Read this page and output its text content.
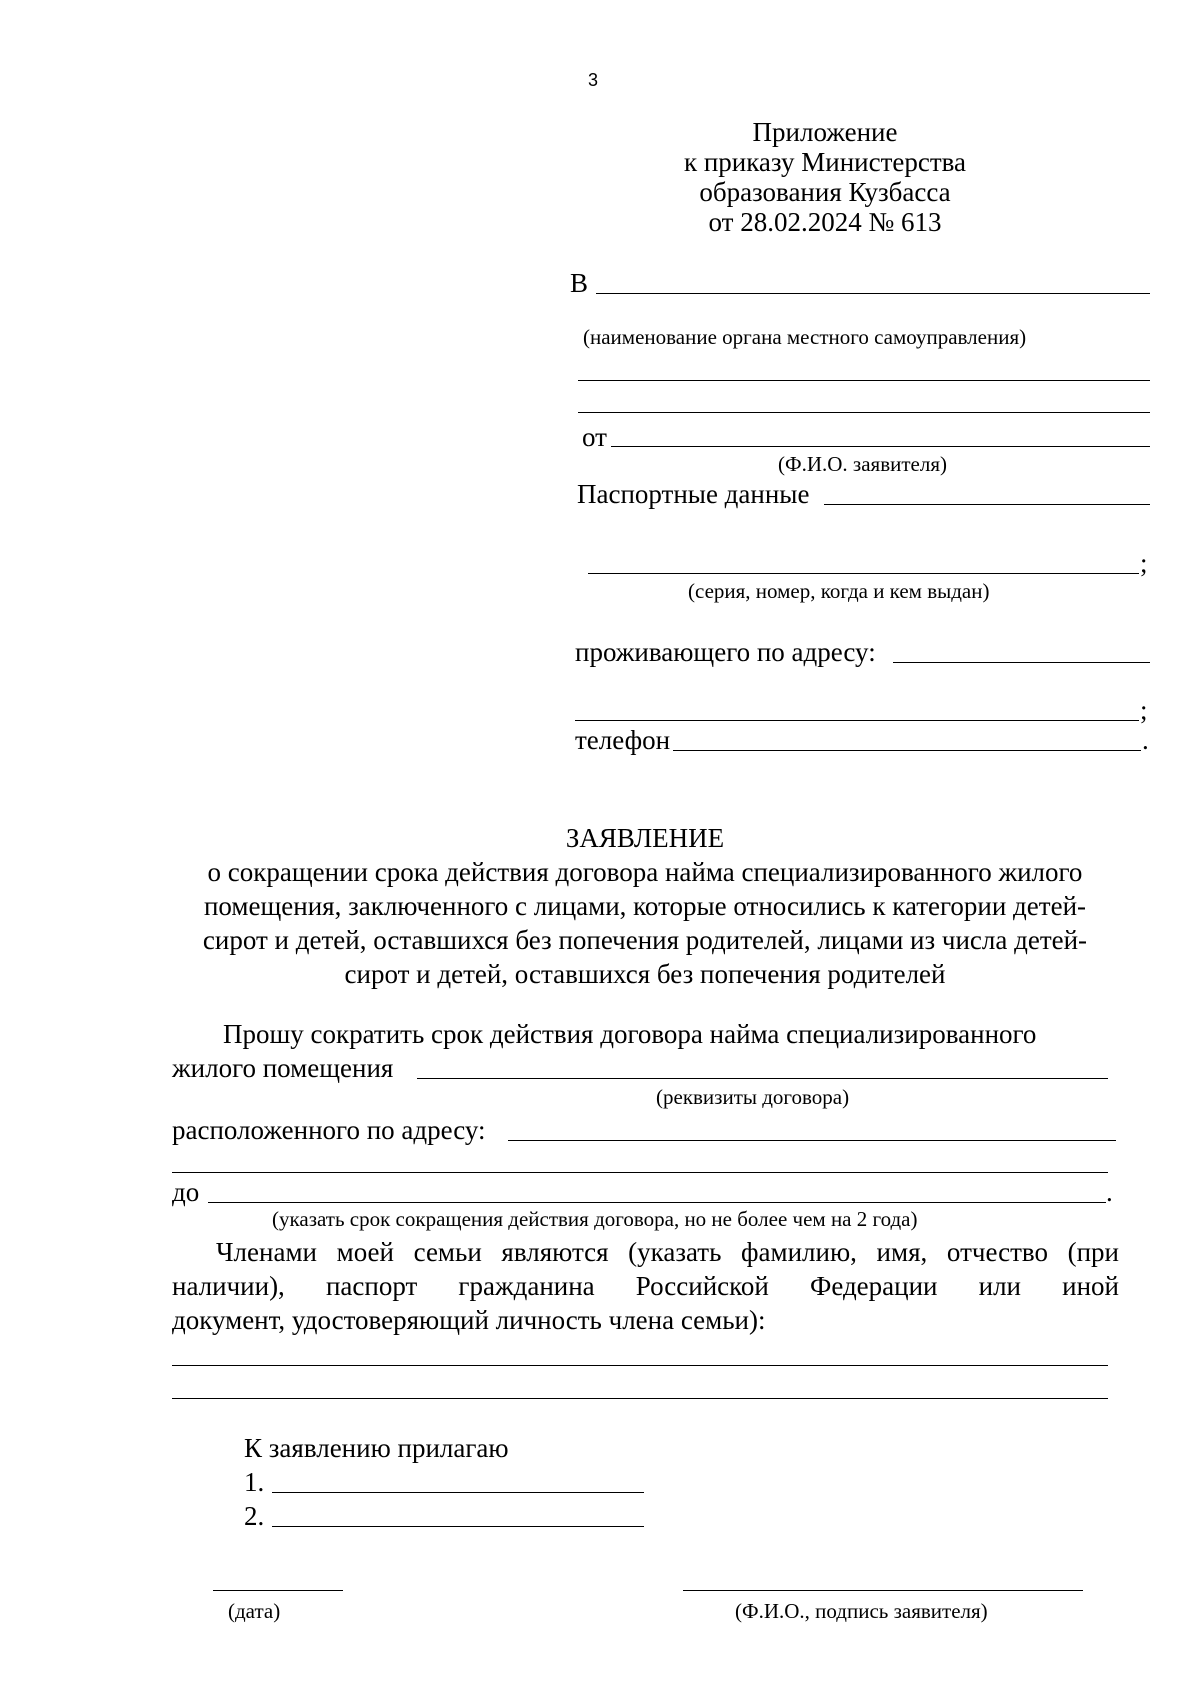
3
Приложение
к приказу Министерства
образования Кузбасса
от 28.02.2024 № 613
В
(наименование органа местного самоуправления)
от
(Ф.И.О. заявителя)
Паспортные данные
;
(серия, номер, когда и кем выдан)
проживающего по адресу:
;
телефон	.
ЗАЯВЛЕНИЕ
о сокращении срока действия договора найма специализированного жилого
помещения, заключенного с лицами, которые относились к категории детей-
сирот и детей, оставшихся без попечения родителей, лицами из числа детей-
сирот и детей, оставшихся без попечения родителей
Прошу сократить срок действия договора найма специализированного
жилого помещения
(реквизиты договора)
расположенного по адресу:
до	.
(указать срок сокращения действия договора, но не более чем на 2 года)
Членами моей семьи являются (указать фамилию, имя, отчество (при
наличии), паспорт гражданина Российской Федерации или иной
документ, удостоверяющий личность члена семьи):
К заявлению прилагаю
1.
2.
(дата)	(Ф.И.О., подпись заявителя)
